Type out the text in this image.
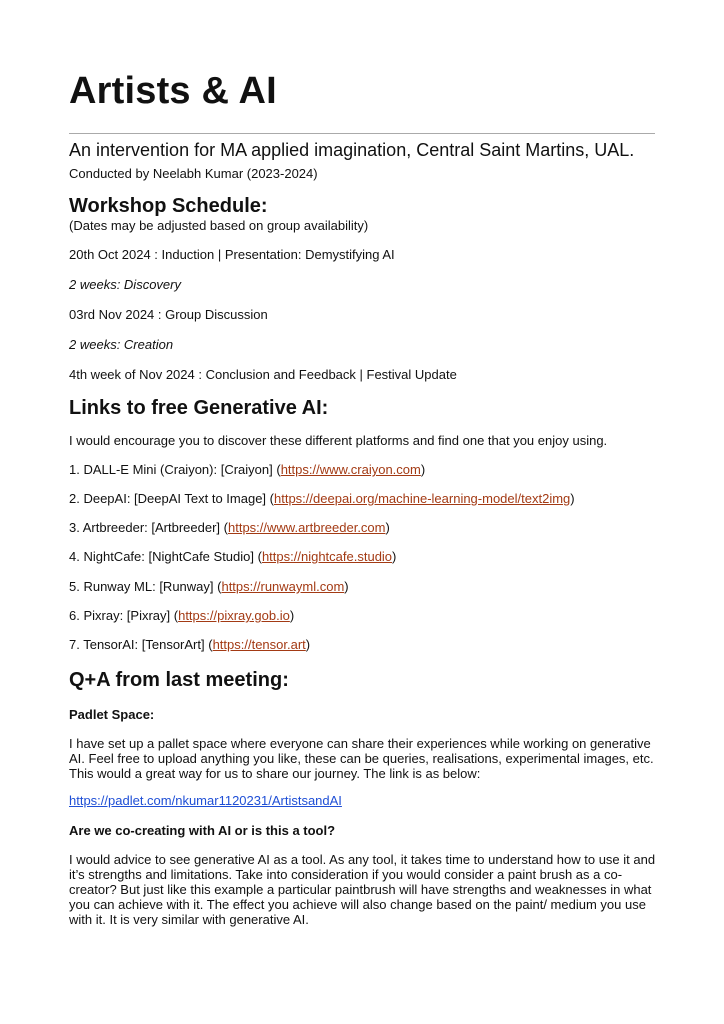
Artists & AI
An intervention for MA applied imagination, Central Saint Martins, UAL.
Conducted by Neelabh Kumar (2023-2024)
Workshop Schedule:
(Dates may be adjusted based on group availability)
20th Oct 2024 : Induction | Presentation: Demystifying AI
2 weeks: Discovery
03rd Nov 2024 : Group Discussion
2 weeks: Creation
4th week of Nov 2024 : Conclusion and Feedback | Festival Update
Links to free Generative AI:
I would encourage you to discover these different platforms and find one that you enjoy using.
1. DALL-E Mini (Craiyon): [Craiyon] (https://www.craiyon.com)
2. DeepAI: [DeepAI Text to Image] (https://deepai.org/machine-learning-model/text2img)
3. Artbreeder: [Artbreeder] (https://www.artbreeder.com)
4. NightCafe: [NightCafe Studio] (https://nightcafe.studio)
5. Runway ML: [Runway] (https://runwayml.com)
6. Pixray: [Pixray] (https://pixray.gob.io)
7. TensorAI: [TensorArt] (https://tensor.art)
Q+A from last meeting:
Padlet Space:
I have set up a pallet space where everyone can share their experiences while working on generative AI. Feel free to upload anything you like, these can be queries, realisations, experimental images, etc. This would a great way for us to share our journey. The link is as below:
https://padlet.com/nkumar1120231/ArtistsandAI
Are we co-creating with AI or is this a tool?
I would advice to see generative AI as a tool. As any tool, it takes time to understand how to use it and it’s strengths and limitations. Take into consideration if you would consider a paint brush as a co-creator? But just like this example a particular paintbrush will have strengths and weaknesses in what you can achieve with it. The effect you achieve will also change based on the paint/ medium you use with it. It is very similar with generative AI.
